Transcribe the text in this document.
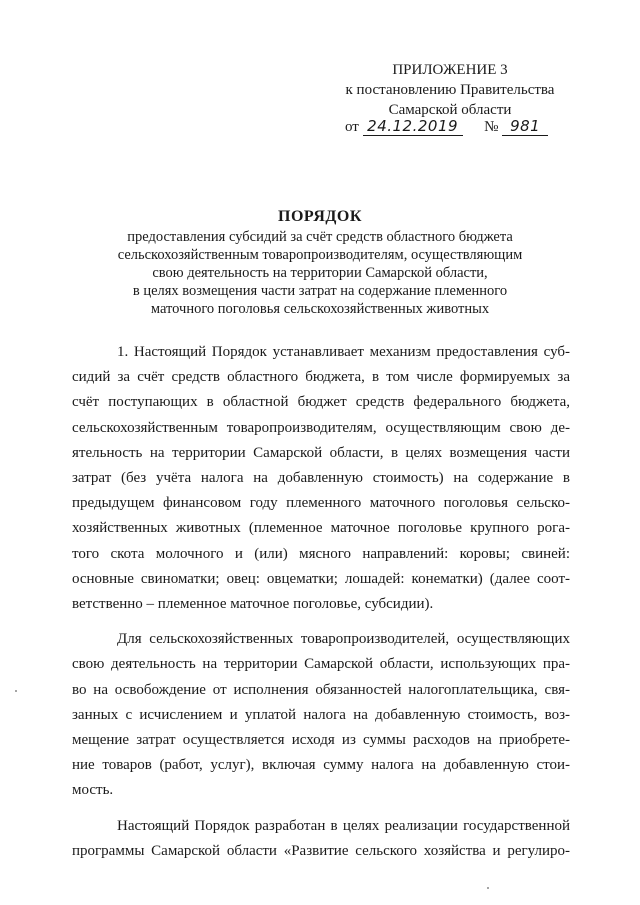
ПРИЛОЖЕНИЕ 3
к постановлению Правительства
Самарской области
от 24.12.2019 № 981
ПОРЯДОК
предоставления субсидий за счёт средств областного бюджета
сельскохозяйственным товаропроизводителям, осуществляющим
свою деятельность на территории Самарской области,
в целях возмещения части затрат на содержание племенного
маточного поголовья сельскохозяйственных животных

1. Настоящий Порядок устанавливает механизм предоставления суб-
сидий за счёт средств областного бюджета, в том числе формируемых за
счёт поступающих в областной бюджет средств федерального бюджета,
сельскохозяйственным товаропроизводителям, осуществляющим свою де-
ятельность на территории Самарской области, в целях возмещения части
затрат (без учёта налога на добавленную стоимость) на содержание в
предыдущем финансовом году племенного маточного поголовья сельско-
хозяйственных животных (племенное маточное поголовье крупного рога-
того скота молочного и (или) мясного направлений: коровы; свиней:
основные свиноматки; овец: овцематки; лошадей: конематки) (далее соот-
ветственно – племенное маточное поголовье, субсидии).

Для сельскохозяйственных товаропроизводителей, осуществляющих
свою деятельность на территории Самарской области, использующих пра-
во на освобождение от исполнения обязанностей налогоплательщика, свя-
занных с исчислением и уплатой налога на добавленную стоимость, воз-
мещение затрат осуществляется исходя из суммы расходов на приобрете-
ние товаров (работ, услуг), включая сумму налога на добавленную стои-
мость.

Настоящий Порядок разработан в целях реализации государственной
программы Самарской области «Развитие сельского хозяйства и регулиро-
